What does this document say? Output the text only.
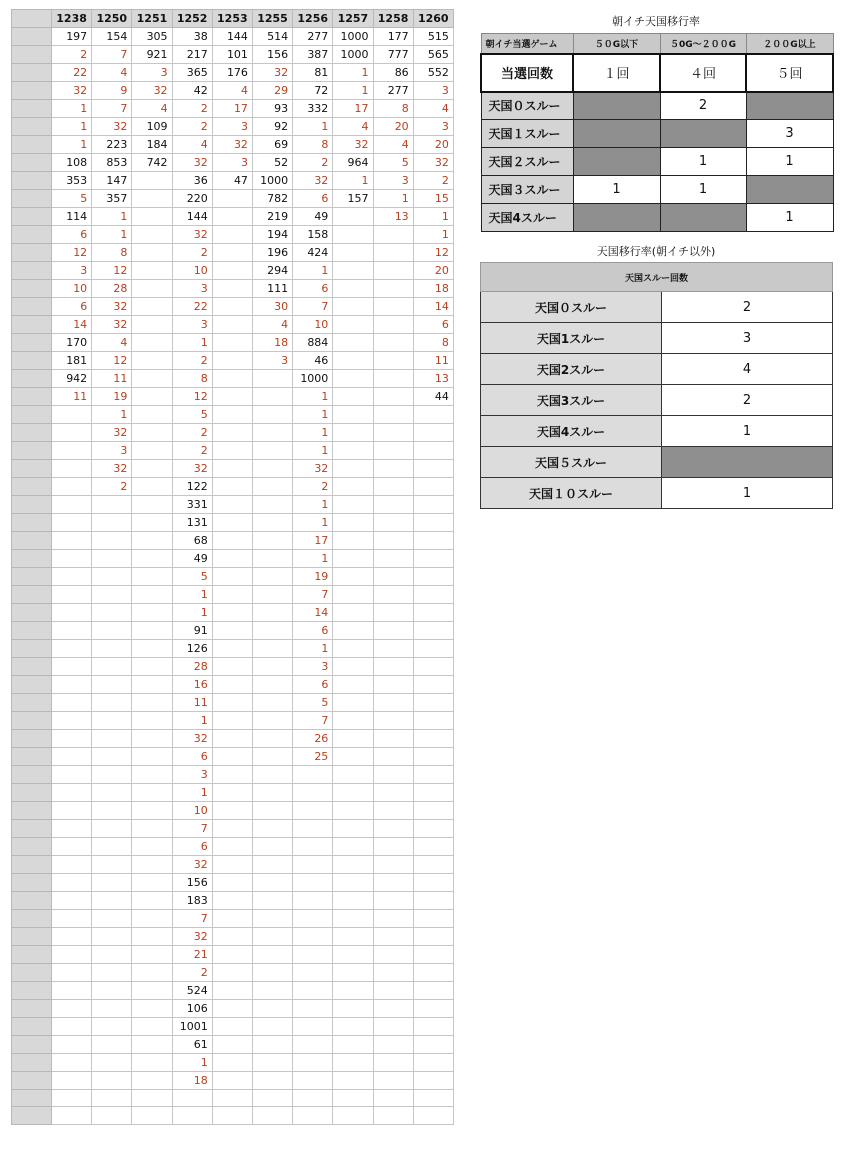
	1238	1250	1251	1252	1253	1255	1256	1257	1258	1260
	197	154	305	38	144	514	277	1000	177	515
	2	7	921	217	101	156	387	1000	777	565
	22	4	3	365	176	32	81	1	86	552
	32	9	32	42	4	29	72	1	277	3
	1	7	4	2	17	93	332	17	8	4
	1	32	109	2	3	92	1	4	20	3
	1	223	184	4	32	69	8	32	4	20
	108	853	742	32	3	52	2	964	5	32
	353	147		36	47	1000	32	1	3	2
	5	357		220		782	6	157	1	15
	114	1		144		219	49		13	1
	6	1		32		194	158			1
	12	8		2		196	424			12
	3	12		10		294	1			20
	10	28		3		111	6			18
	6	32		22		30	7			14
	14	32		3		4	10			6
	170	4		1		18	884			8
	181	12		2		3	46			11
	942	11		8			1000			13
	11	19		12			1			44
		1		5			1			
		32		2			1			
		3		2			1			
		32		32			32			
		2		122			2			
				331			1			
				131			1			
				68			17			
				49			1			
				5			19			
				1			7			
				1			14			
				91			6			
				126			1			
				28			3			
				16			6			
				11			5			
				1			7			
				32			26			
				6			25			
				3						
				1						
				10						
				7						
				6						
				32						
				156						
				183						
				7						
				32						
				21						
				2						
				524						
				106						
				1001						
				61						
				1						
				18						

朝イチ天国移行率
朝イチ当選ゲーム	５０G以下	５0G〜２００G	２００G以上
当選回数	１回	４回	５回
天国０スルー		2	
天国１スルー			3
天国２スルー		1	1
天国３スルー	1	1	
天国4スルー			1
天国移行率(朝イチ以外)
天国スルー回数	
天国０スルー	2
天国1スルー	3
天国2スルー	4
天国3スルー	2
天国4スルー	1
天国５スルー	
天国１０スルー	1
